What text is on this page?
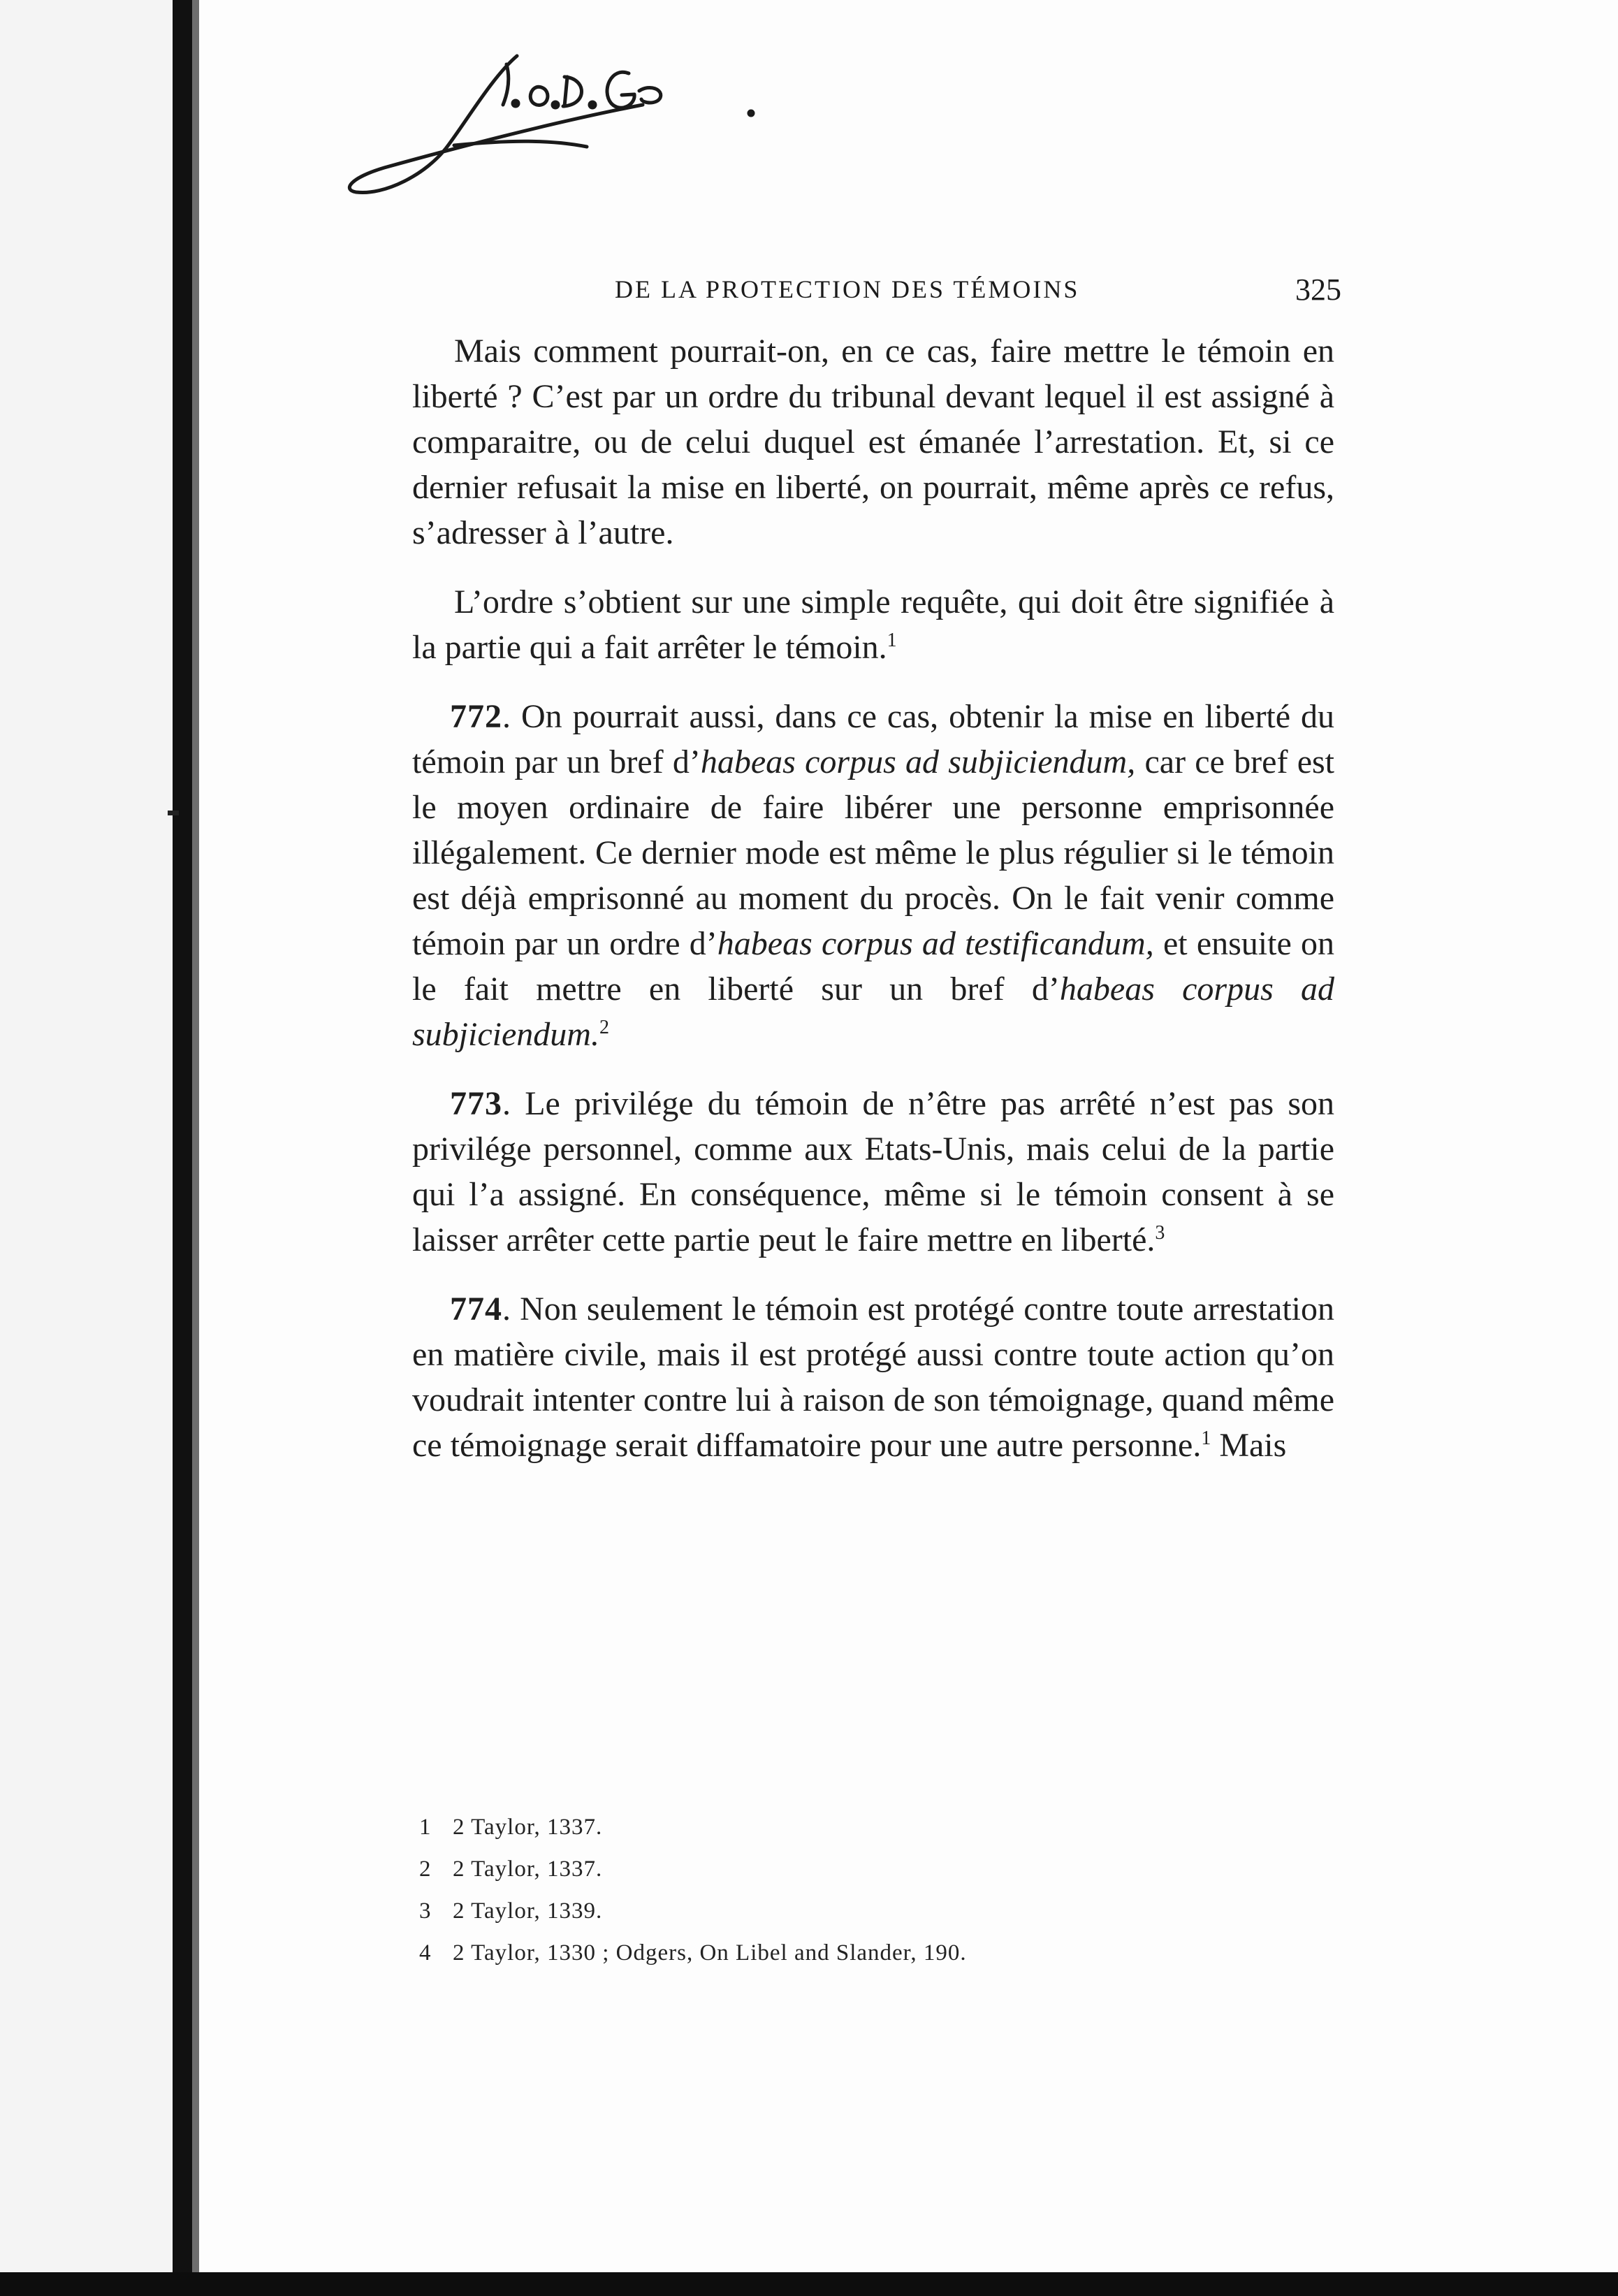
DE LA PROTECTION DES TÉMOINS	325

Mais comment pourrait-on, en ce cas, faire mettre le témoin en liberté ? C’est par un ordre du tribunal devant lequel il est assigné à comparaitre, ou de celui duquel est émanée l’arrestation. Et, si ce dernier refusait la mise en liberté, on pourrait, même après ce refus, s’adresser à l’autre.

L’ordre s’obtient sur une simple requête, qui doit être signifiée à la partie qui a fait arrêter le témoin.$^1$

772. On pourrait aussi, dans ce cas, obtenir la mise en liberté du témoin par un bref d’habeas corpus ad subjiciendum, car ce bref est le moyen ordinaire de faire libérer une personne emprisonnée illégalement. Ce dernier mode est même le plus régulier si le témoin est déjà emprisonné au moment du procès. On le fait venir comme témoin par un ordre d’habeas corpus ad testificandum, et ensuite on le fait mettre en liberté sur un bref d’habeas corpus ad subjiciendum.$^2$

773. Le privilége du témoin de n’être pas arrêté n’est pas son privilége personnel, comme aux Etats-Unis, mais celui de la partie qui l’a assigné. En conséquence, même si le témoin consent à se laisser arrêter cette partie peut le faire mettre en liberté.$^3$

774. Non seulement le témoin est protégé contre toute arrestation en matière civile, mais il est protégé aussi contre toute action qu’on voudrait intenter contre lui à raison de son témoignage, quand même ce témoignage serait diffamatoire pour une autre personne.$^1$ Mais

1 2 Taylor, 1337.
2 2 Taylor, 1337.
3 2 Taylor, 1339.
4 2 Taylor, 1330 ; Odgers, On Libel and Slander, 190.
